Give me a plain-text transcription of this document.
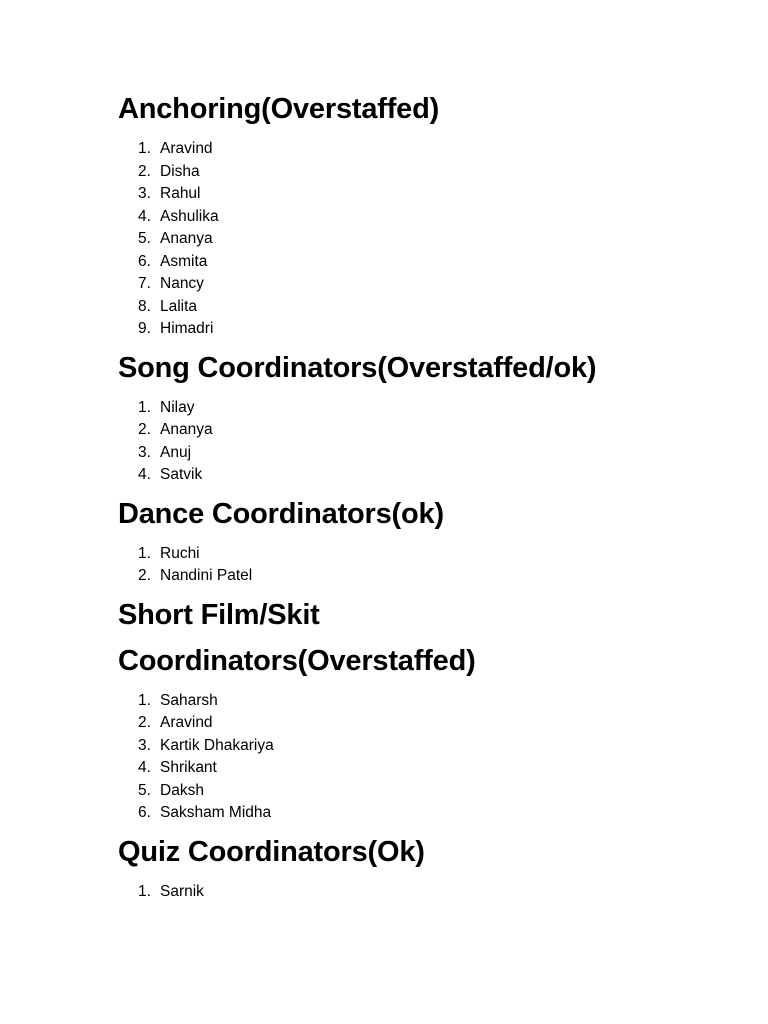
Anchoring(Overstaffed)
1. Aravind
2. Disha
3. Rahul
4. Ashulika
5. Ananya
6. Asmita
7. Nancy
8. Lalita
9. Himadri
Song Coordinators(Overstaffed/ok)
1. Nilay
2. Ananya
3. Anuj
4. Satvik
Dance Coordinators(ok)
1. Ruchi
2. Nandini Patel
Short Film/Skit Coordinators(Overstaffed)
1. Saharsh
2. Aravind
3. Kartik Dhakariya
4. Shrikant
5. Daksh
6. Saksham Midha
Quiz Coordinators(Ok)
1. Sarnik
